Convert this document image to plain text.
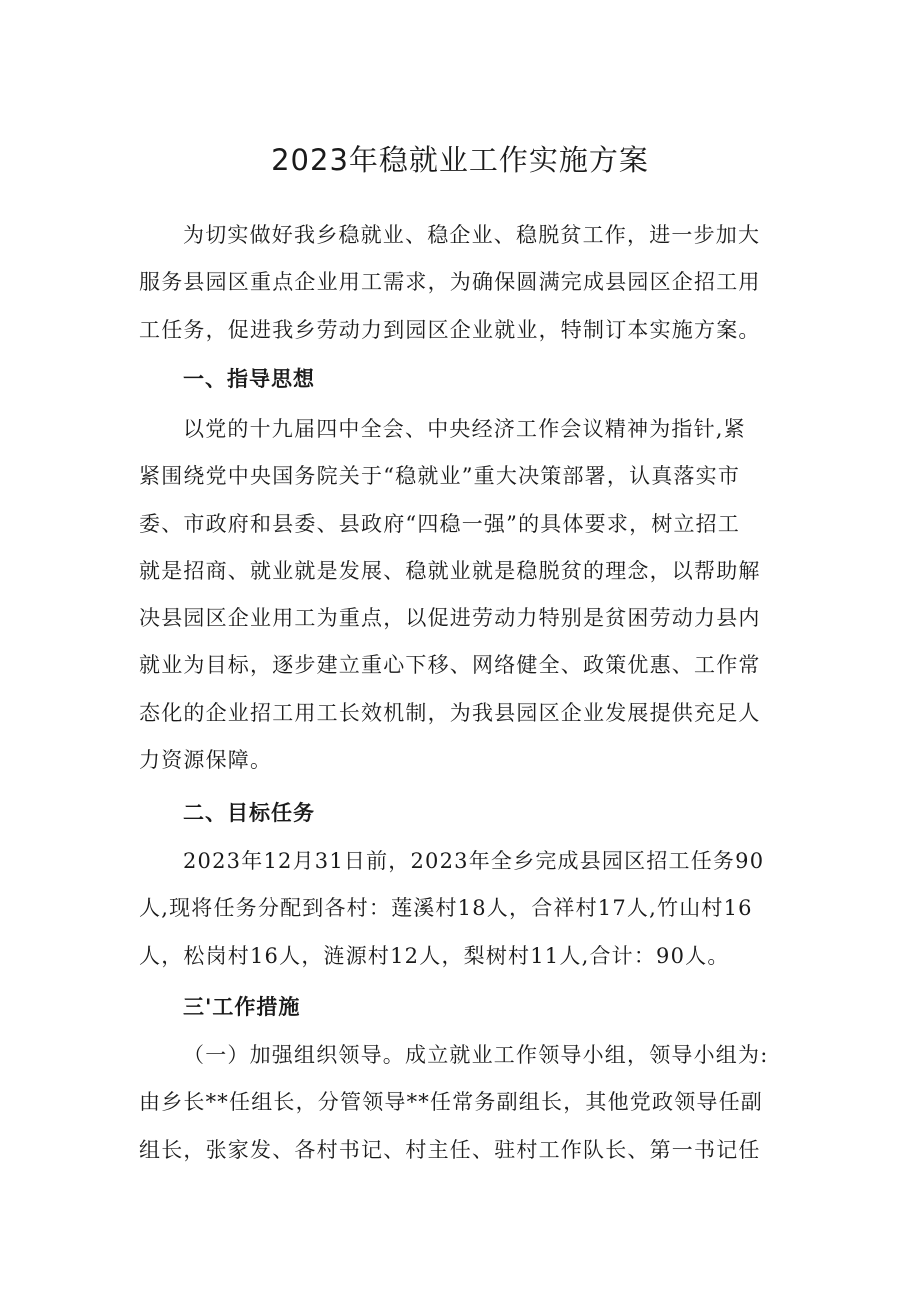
2023年稳就业工作实施方案
为切实做好我乡稳就业、稳企业、稳脱贫工作，进一步加大
服务县园区重点企业用工需求，为确保圆满完成县园区企招工用
工任务，促进我乡劳动力到园区企业就业，特制订本实施方案。
一、指导思想
以党的十九届四中全会、中央经济工作会议精神为指针,紧
紧围绕党中央国务院关于“稳就业”重大决策部署，认真落实市
委、市政府和县委、县政府“四稳一强”的具体要求，树立招工
就是招商、就业就是发展、稳就业就是稳脱贫的理念，以帮助解
决县园区企业用工为重点，以促进劳动力特别是贫困劳动力县内
就业为目标，逐步建立重心下移、网络健全、政策优惠、工作常
态化的企业招工用工长效机制，为我县园区企业发展提供充足人
力资源保障。
二、目标任务
2023年12月31日前，2023年全乡完成县园区招工任务90
人,现将任务分配到各村：莲溪村18人，合祥村17人,竹山村16
人，松岗村16人，涟源村12人，梨树村11人,合计：90人。
三'工作措施
（一）加强组织领导。成立就业工作领导小组，领导小组为:
由乡长**任组长，分管领导**任常务副组长，其他党政领导任副
组长，张家发、各村书记、村主任、驻村工作队长、第一书记任
